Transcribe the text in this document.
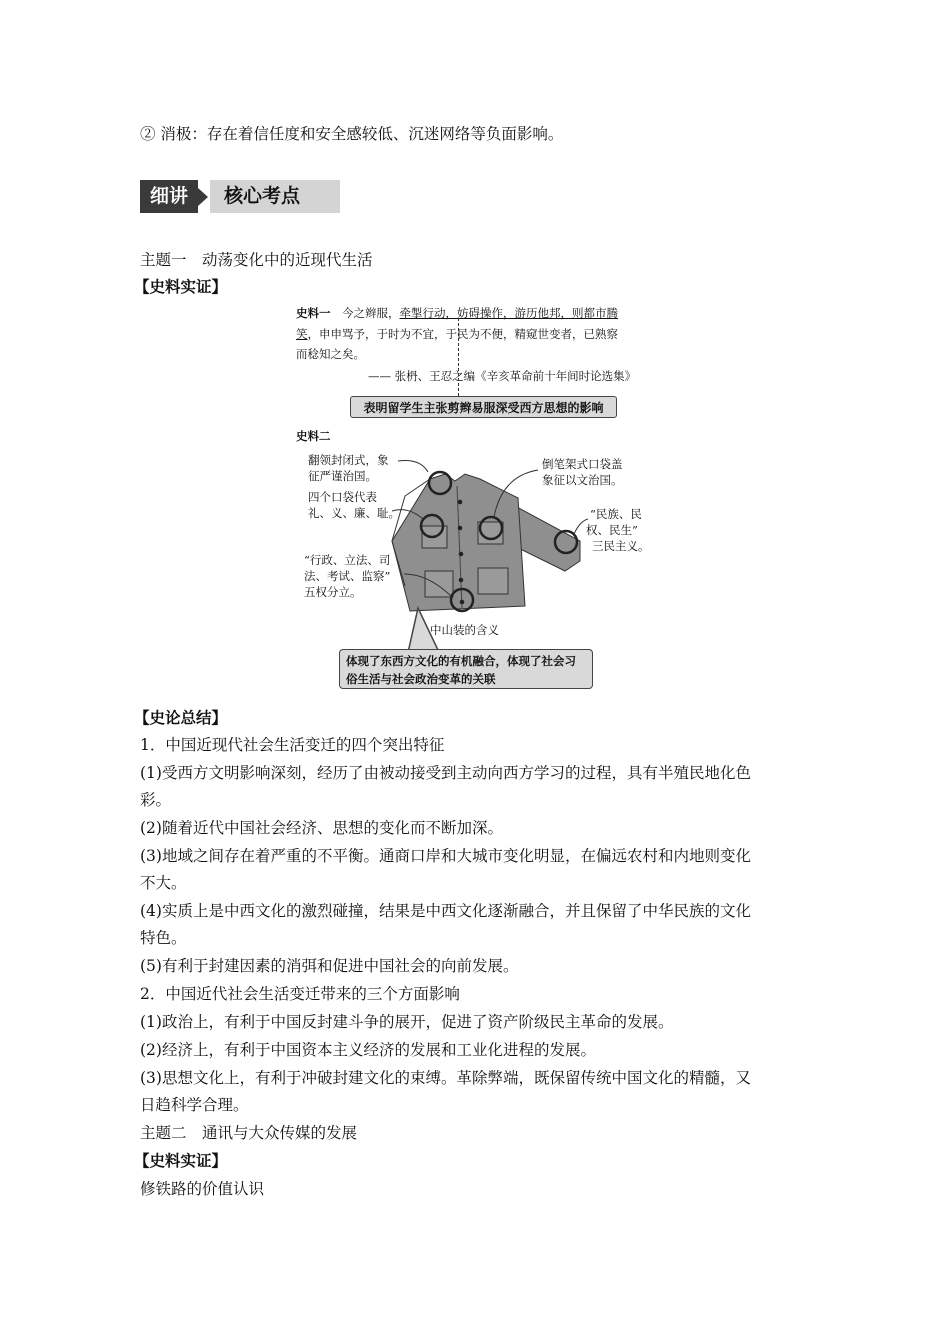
② 消极：存在着信任度和安全感较低、沉迷网络等负面影响。
细讲	核心考点
主题一　动荡变化中的近现代生活
【史料实证】
史料一　 今之辫服，牵掣行动，妨碍操作，游历他邦，则都市腾
笑，申申骂予，于时为不宜，于民为不便，精窥世变者，已熟察
而稔知之矣。
—— 张枬、王忍之编《辛亥革命前十年间时论选集》
表明留学生主张剪辫易服深受西方思想的影响
史料二
翻领封闭式，象
征严谨治国。
四个口袋代表
礼、义、廉、耻。
“行政、立法、司
法、考试、监察”
五权分立。
倒笔架式口袋盖
象征以文治国。
“民族、民
权、民生”
三民主义。
中山装的含义
体现了东西方文化的有机融合，体现了社会习俗生活与社会政治变革的关联
【史论总结】
1．中国近现代社会生活变迁的四个突出特征
(1)受西方文明影响深刻，经历了由被动接受到主动向西方学习的过程，具有半殖民地化色
彩。
(2)随着近代中国社会经济、思想的变化而不断加深。
(3)地域之间存在着严重的不平衡。通商口岸和大城市变化明显，在偏远农村和内地则变化
不大。
(4)实质上是中西文化的激烈碰撞，结果是中西文化逐渐融合，并且保留了中华民族的文化
特色。
(5)有利于封建因素的消弭和促进中国社会的向前发展。
2．中国近代社会生活变迁带来的三个方面影响
(1)政治上，有利于中国反封建斗争的展开，促进了资产阶级民主革命的发展。
(2)经济上，有利于中国资本主义经济的发展和工业化进程的发展。
(3)思想文化上，有利于冲破封建文化的束缚。革除弊端，既保留传统中国文化的精髓，又
日趋科学合理。
主题二　通讯与大众传媒的发展
【史料实证】
修铁路的价值认识
